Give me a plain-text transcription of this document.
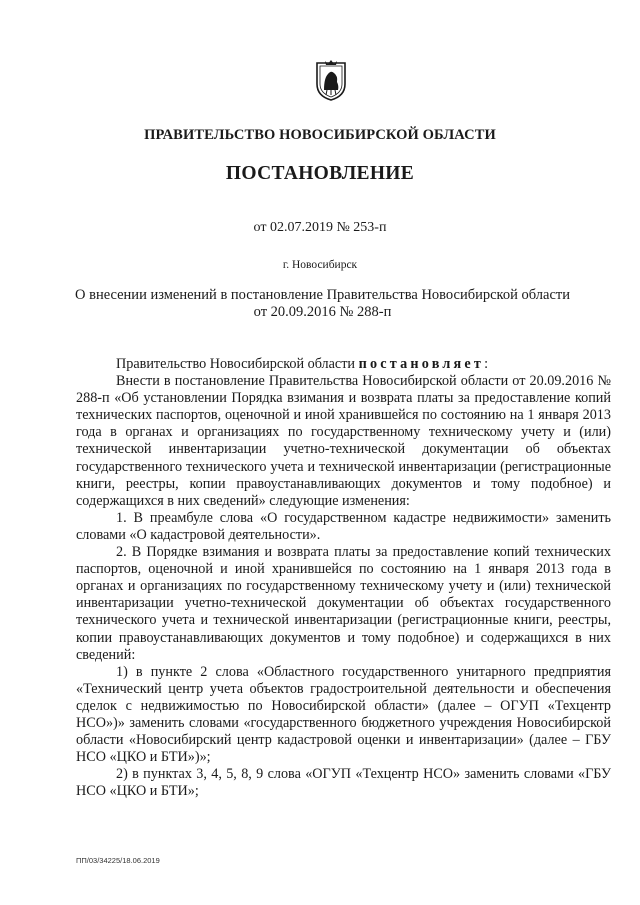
ПРАВИТЕЛЬСТВО НОВОСИБИРСКОЙ ОБЛАСТИ
ПОСТАНОВЛЕНИЕ
от 02.07.2019 № 253-п
г. Новосибирск
О внесении изменений в постановление Правительства Новосибирской области
от 20.09.2016 № 288-п

Правительство Новосибирской области постановляет:

Внести в постановление Правительства Новосибирской области от 20.09.2016 № 288-п «Об установлении Порядка взимания и возврата платы за предоставление копий технических паспортов, оценочной и иной хранившейся по состоянию на 1 января 2013 года в органах и организациях по государственному техническому учету и (или) технической инвентаризации учетно-технической документации об объектах государственного технического учета и технической инвентаризации (регистрационные книги, реестры, копии правоустанавливающих документов и тому подобное) и содержащихся в них сведений» следующие изменения:

1. В преамбуле слова «О государственном кадастре недвижимости» заменить словами «О кадастровой деятельности».

2. В Порядке взимания и возврата платы за предоставление копий технических паспортов, оценочной и иной хранившейся по состоянию на 1 января 2013 года в органах и организациях по государственному техническому учету и (или) технической инвентаризации учетно-технической документации об объектах государственного технического учета и технической инвентаризации (регистрационные книги, реестры, копии правоустанавливающих документов и тому подобное) и содержащихся в них сведений:

1) в пункте 2 слова «Областного государственного унитарного предприятия «Технический центр учета объектов градостроительной деятельности и обеспечения сделок с недвижимостью по Новосибирской области» (далее – ОГУП «Техцентр НСО»)» заменить словами «государственного бюджетного учреждения Новосибирской области «Новосибирский центр кадастровой оценки и инвентаризации» (далее – ГБУ НСО «ЦКО и БТИ»)»;

2) в пунктах 3, 4, 5, 8, 9 слова «ОГУП «Техцентр НСО» заменить словами «ГБУ НСО «ЦКО и БТИ»;

ПП/03/34225/18.06.2019
